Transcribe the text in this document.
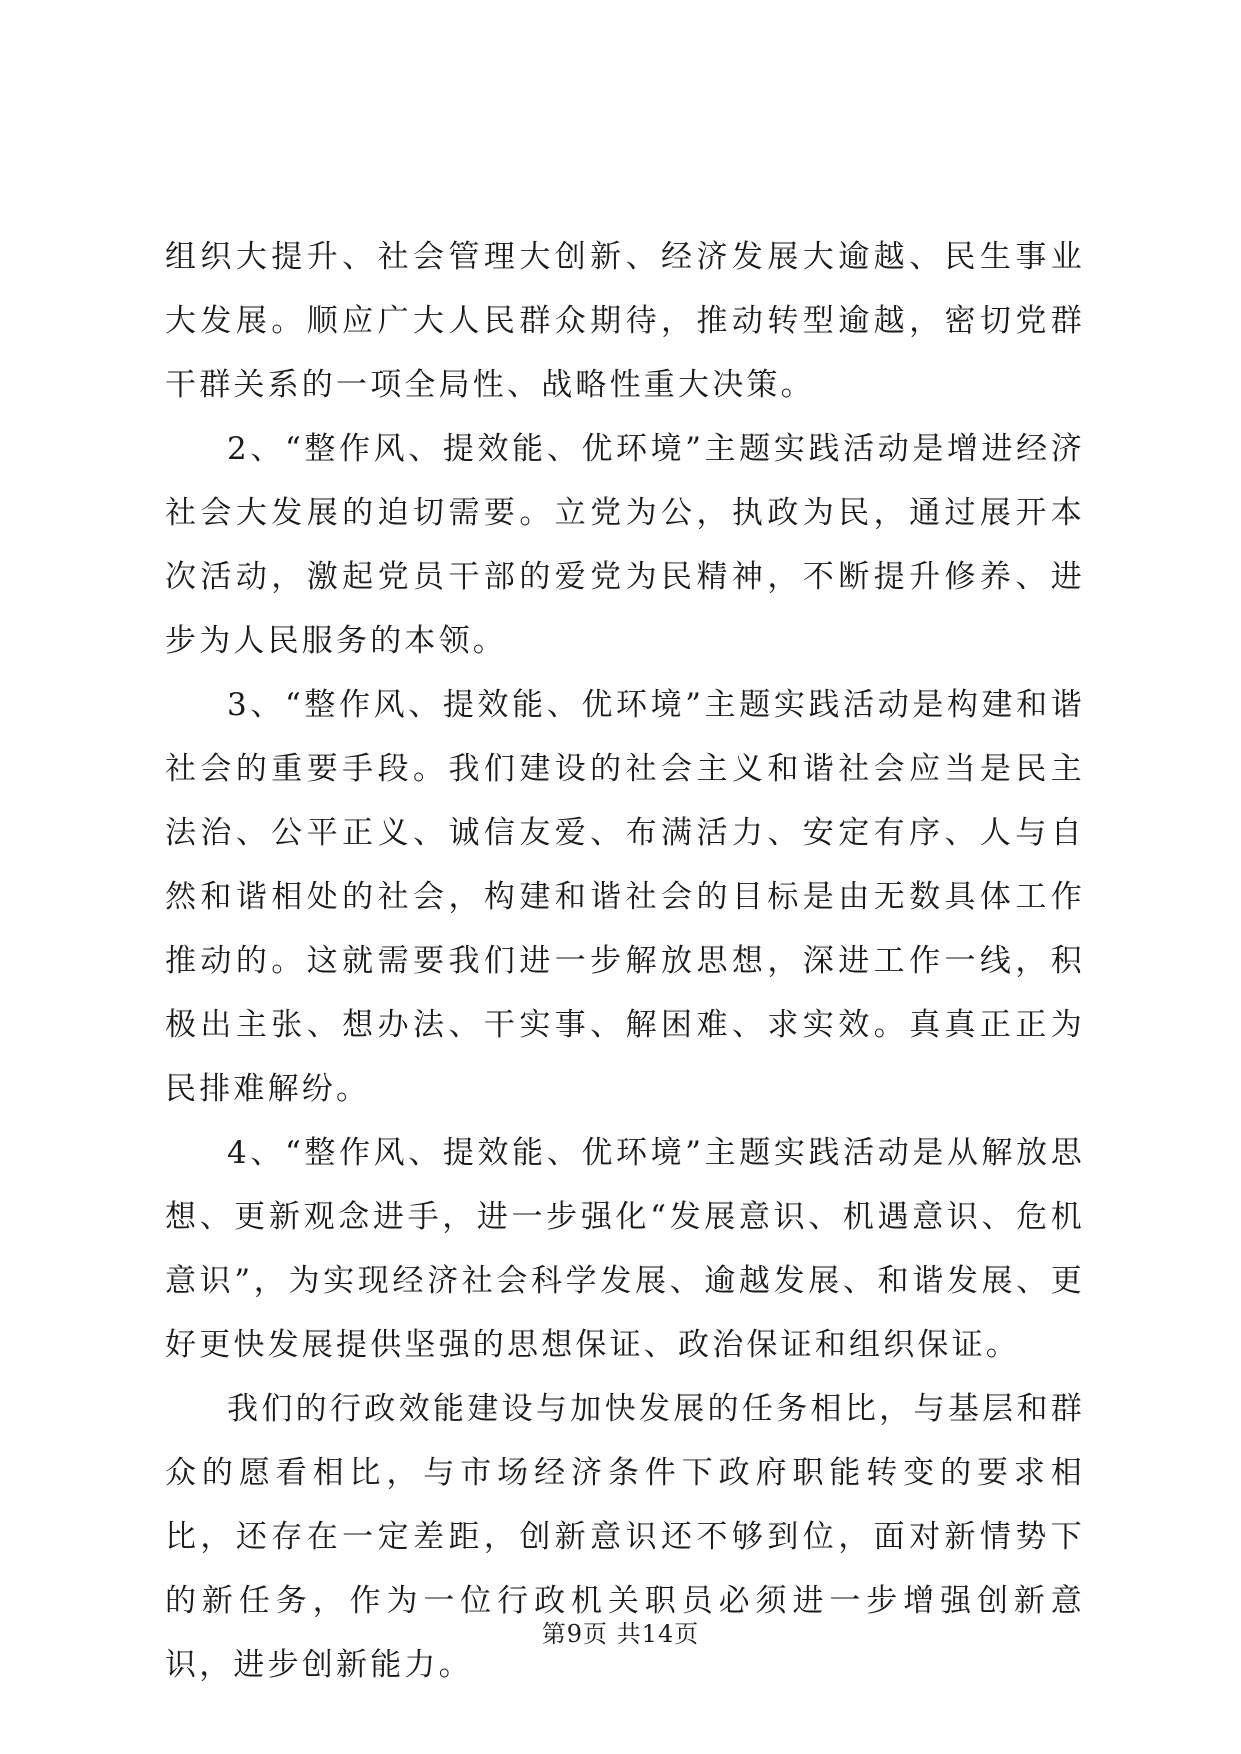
组织大提升、社会管理大创新、经济发展大逾越、民生事业大发展。顺应广大人民群众期待，推动转型逾越，密切党群干群关系的一项全局性、战略性重大决策。

2、“整作风、提效能、优环境”主题实践活动是增进经济社会大发展的迫切需要。立党为公，执政为民，通过展开本次活动，激起党员干部的爱党为民精神，不断提升修养、进步为人民服务的本领。

3、“整作风、提效能、优环境”主题实践活动是构建和谐社会的重要手段。我们建设的社会主义和谐社会应当是民主法治、公平正义、诚信友爱、布满活力、安定有序、人与自然和谐相处的社会，构建和谐社会的目标是由无数具体工作推动的。这就需要我们进一步解放思想，深进工作一线，积极出主张、想办法、干实事、解困难、求实效。真真正正为民排难解纷。

4、“整作风、提效能、优环境”主题实践活动是从解放思想、更新观念进手，进一步强化“发展意识、机遇意识、危机意识”，为实现经济社会科学发展、逾越发展、和谐发展、更好更快发展提供坚强的思想保证、政治保证和组织保证。

我们的行政效能建设与加快发展的任务相比，与基层和群众的愿看相比，与市场经济条件下政府职能转变的要求相比，还存在一定差距，创新意识还不够到位，面对新情势下的新任务，作为一位行政机关职员必须进一步增强创新意识，进步创新能力。

第9页 共14页
